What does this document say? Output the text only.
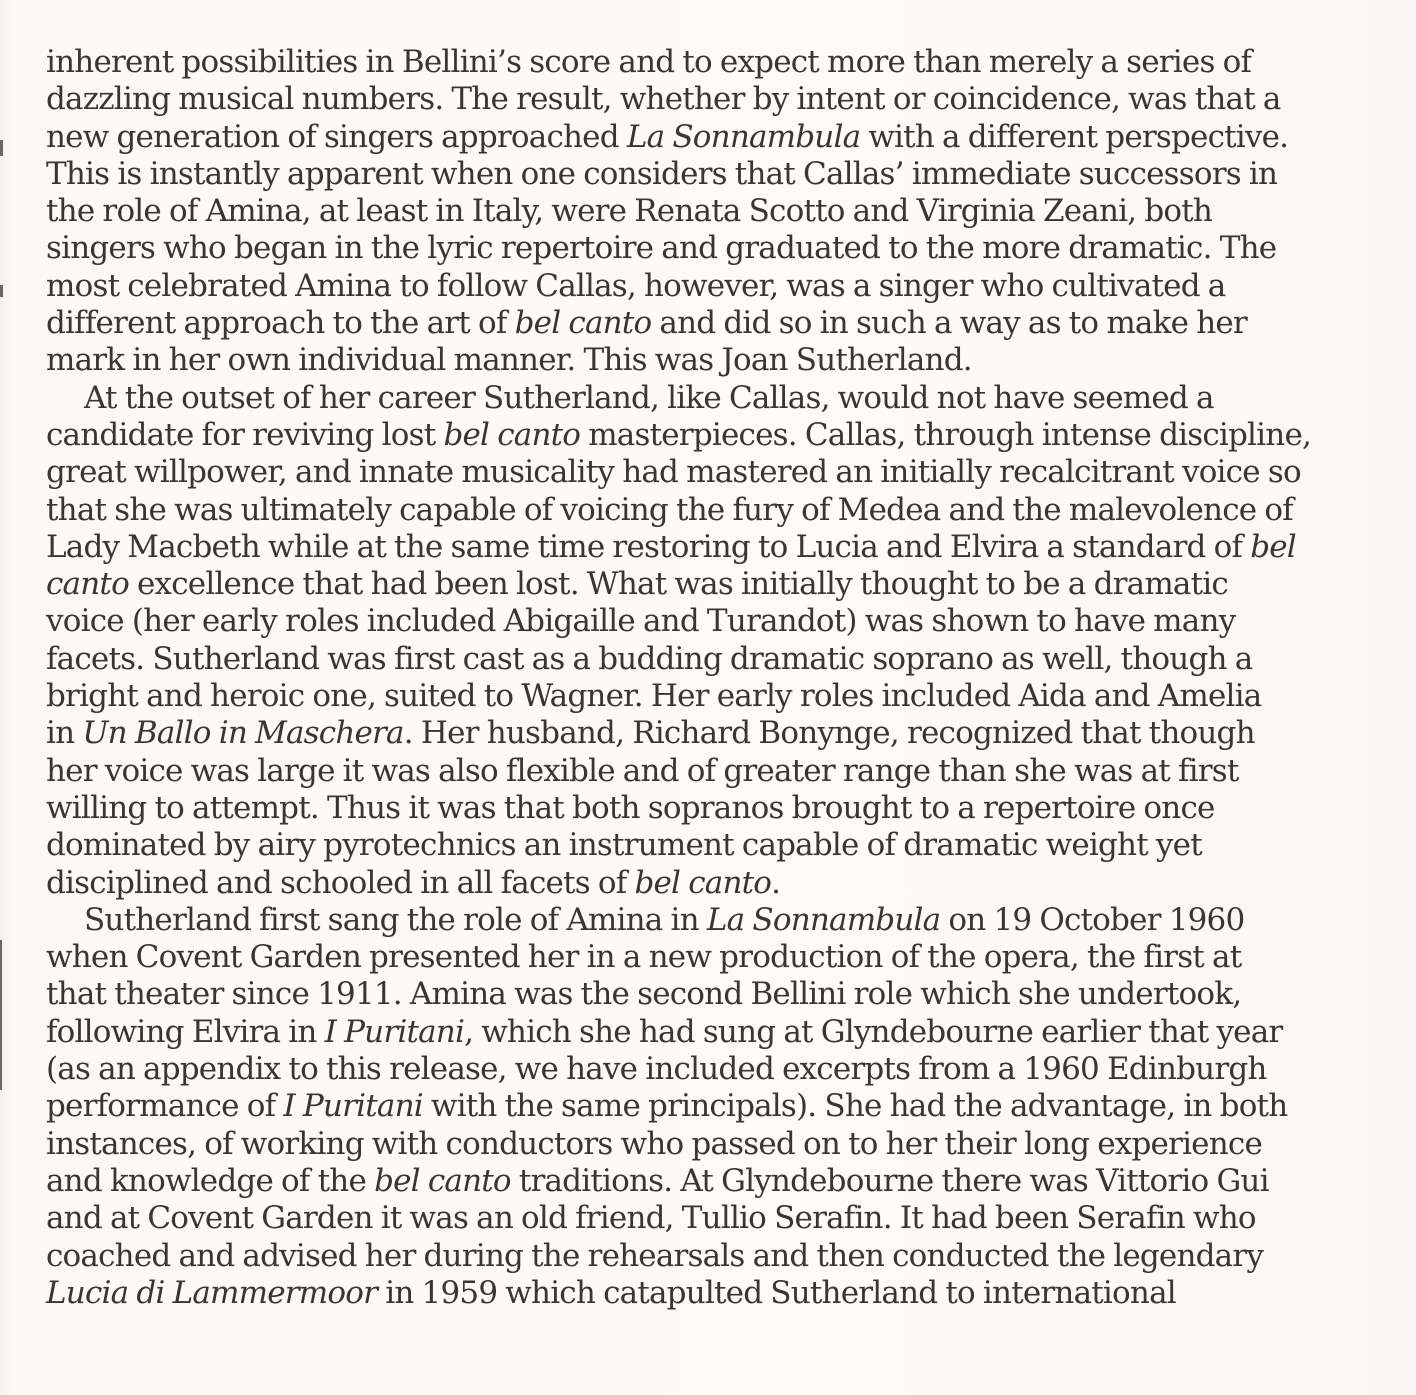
inherent possibilities in Bellini’s score and to expect more than merely a series of
dazzling musical numbers. The result, whether by intent or coincidence, was that a
new generation of singers approached La Sonnambula with a different perspective.
This is instantly apparent when one considers that Callas’ immediate successors in
the role of Amina, at least in Italy, were Renata Scotto and Virginia Zeani, both
singers who began in the lyric repertoire and graduated to the more dramatic. The
most celebrated Amina to follow Callas, however, was a singer who cultivated a
different approach to the art of bel canto and did so in such a way as to make her
mark in her own individual manner. This was Joan Sutherland.
At the outset of her career Sutherland, like Callas, would not have seemed a
candidate for reviving lost bel canto masterpieces. Callas, through intense discipline,
great willpower, and innate musicality had mastered an initially recalcitrant voice so
that she was ultimately capable of voicing the fury of Medea and the malevolence of
Lady Macbeth while at the same time restoring to Lucia and Elvira a standard of bel
canto excellence that had been lost. What was initially thought to be a dramatic
voice (her early roles included Abigaille and Turandot) was shown to have many
facets. Sutherland was first cast as a budding dramatic soprano as well, though a
bright and heroic one, suited to Wagner. Her early roles included Aida and Amelia
in Un Ballo in Maschera. Her husband, Richard Bonynge, recognized that though
her voice was large it was also flexible and of greater range than she was at first
willing to attempt. Thus it was that both sopranos brought to a repertoire once
dominated by airy pyrotechnics an instrument capable of dramatic weight yet
disciplined and schooled in all facets of bel canto.
Sutherland first sang the role of Amina in La Sonnambula on 19 October 1960
when Covent Garden presented her in a new production of the opera, the first at
that theater since 1911. Amina was the second Bellini role which she undertook,
following Elvira in I Puritani, which she had sung at Glyndebourne earlier that year
(as an appendix to this release, we have included excerpts from a 1960 Edinburgh
performance of I Puritani with the same principals). She had the advantage, in both
instances, of working with conductors who passed on to her their long experience
and knowledge of the bel canto traditions. At Glyndebourne there was Vittorio Gui
and at Covent Garden it was an old friend, Tullio Serafin. It had been Serafin who
coached and advised her during the rehearsals and then conducted the legendary
Lucia di Lammermoor in 1959 which catapulted Sutherland to international
